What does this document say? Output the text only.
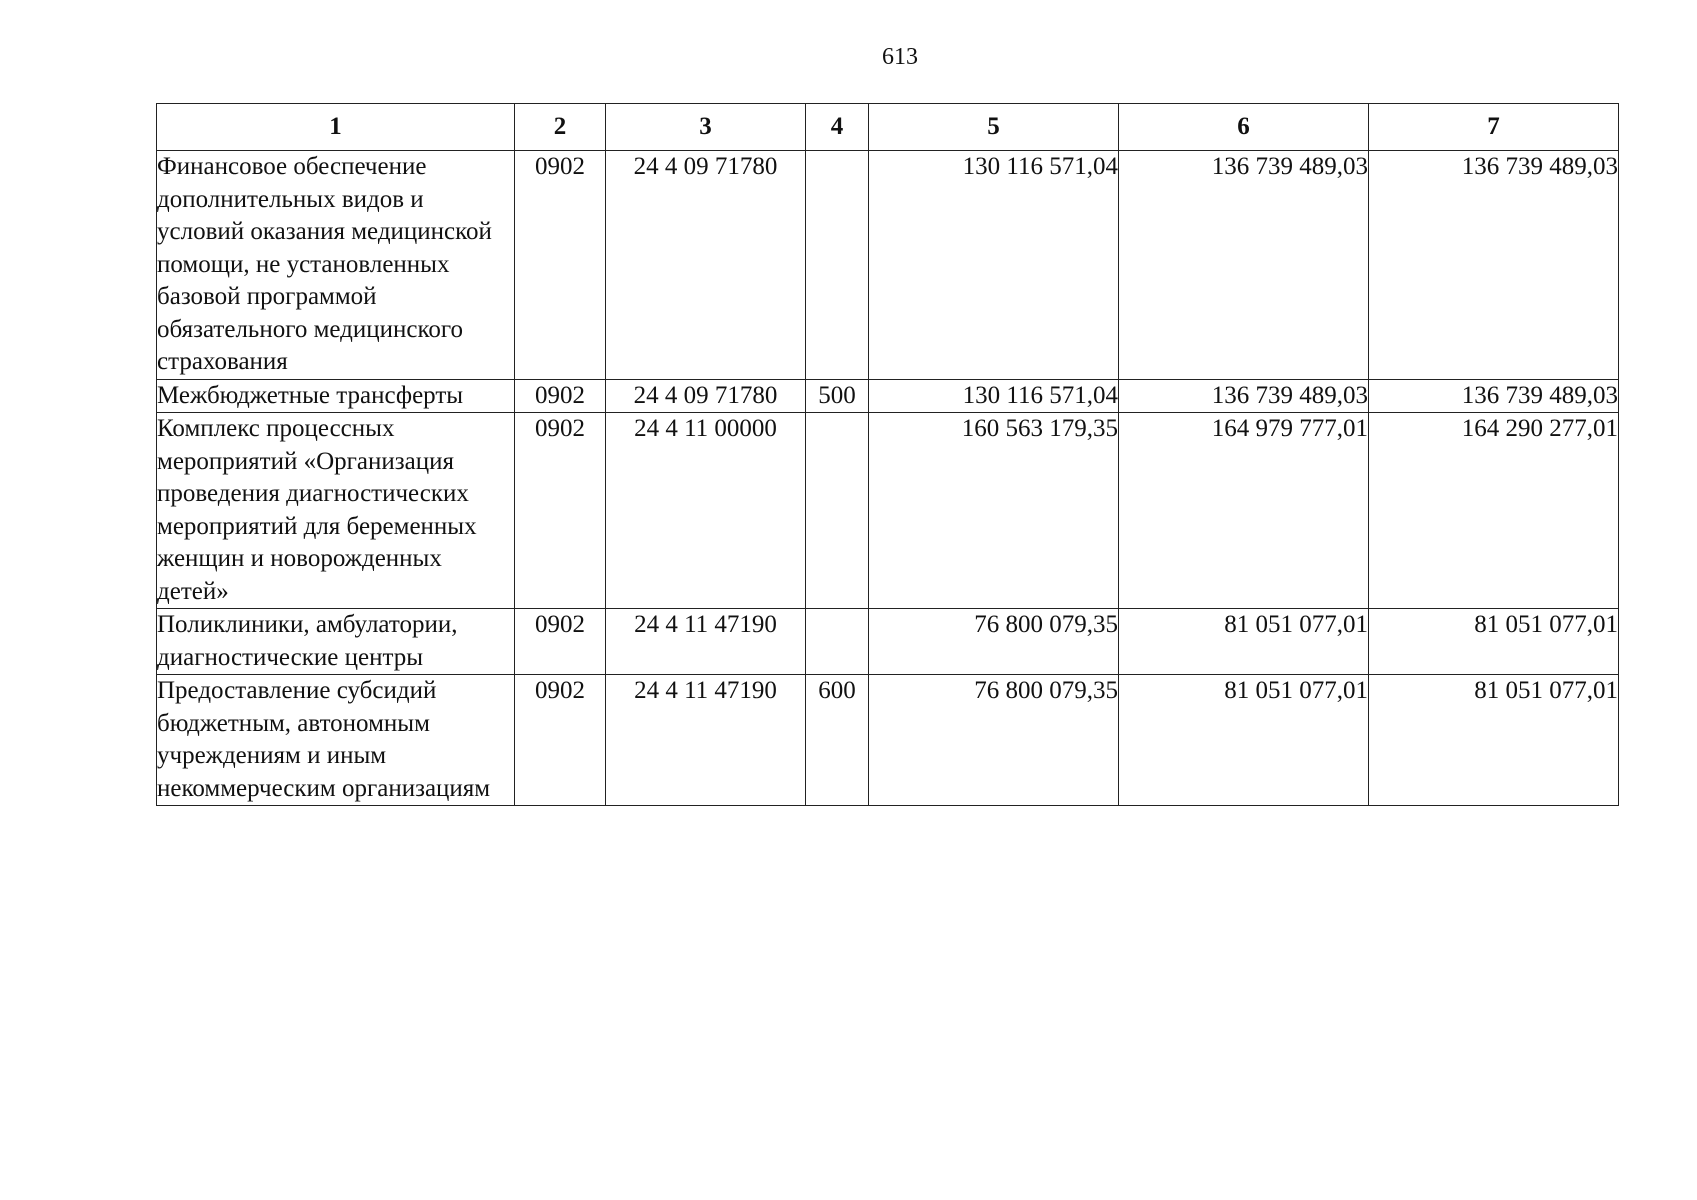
613
1	2	3	4	5	6	7
Финансовое обеспечение дополнительных видов и условий оказания медицинской помощи, не установленных базовой программой обязательного медицинского страхования	0902	24 4 09 71780		130 116 571,04	136 739 489,03	136 739 489,03
Межбюджетные трансферты	0902	24 4 09 71780	500	130 116 571,04	136 739 489,03	136 739 489,03
Комплекс процессных мероприятий «Организация проведения диагностических мероприятий для беременных женщин и новорожденных детей»	0902	24 4 11 00000		160 563 179,35	164 979 777,01	164 290 277,01
Поликлиники, амбулатории, диагностические центры	0902	24 4 11 47190		76 800 079,35	81 051 077,01	81 051 077,01
Предоставление субсидий бюджетным, автономным учреждениям и иным некоммерческим организациям	0902	24 4 11 47190	600	76 800 079,35	81 051 077,01	81 051 077,01
